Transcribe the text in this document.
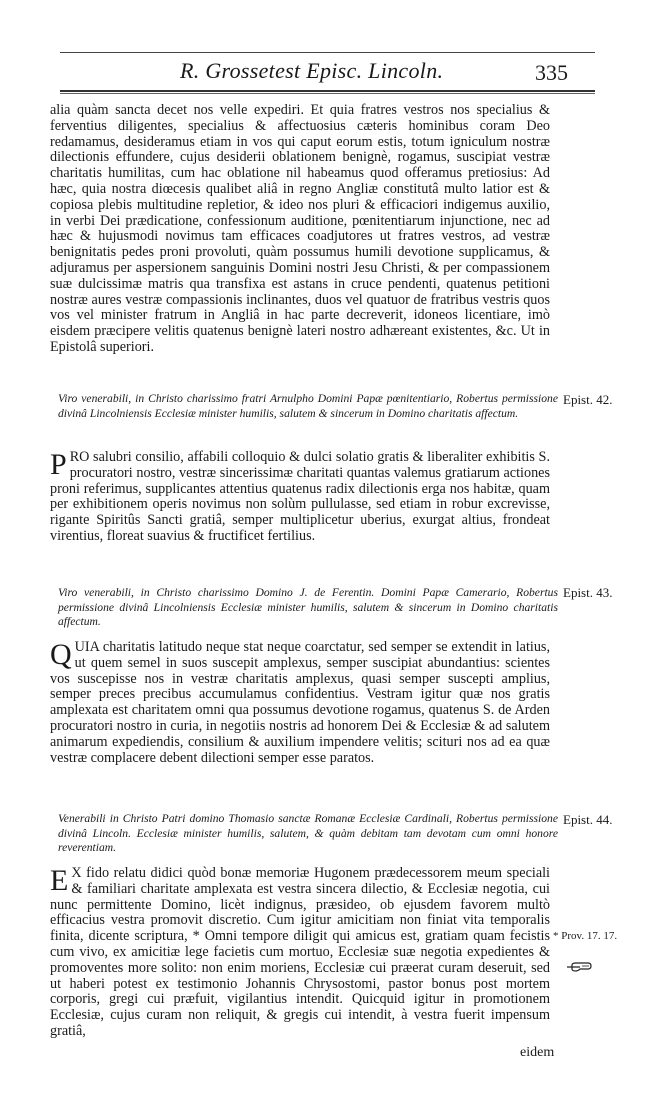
R. Grossetest Episc. Lincoln.	335
alia quàm sancta decet nos velle expediri. Et quia fratres vestros nos specialius & ferventius diligentes, specialius & affectuosius cæteris hominibus coram Deo redamamus, desideramus etiam in vos qui caput eorum estis, totum igniculum nostræ dilectionis effundere, cujus desiderii oblationem benignè, rogamus, suscipiat vestræ charitatis humilitas, cum hac oblatione nil habeamus quod offeramus pretiosius: Ad hæc, quia nostra diœcesis qualibet aliâ in regno Angliæ constitutâ multo latior est & copiosa plebis multitudine repletior, & ideo nos pluri & efficaciori indigemus auxilio, in verbi Dei prædicatione, confessionum auditione, pœnitentiarum injunctione, nec ad hæc & hujusmodi novimus tam efficaces coadjutores ut fratres vestros, ad vestræ benignitatis pedes proni provoluti, quàm possumus humili devotione supplicamus, & adjuramus per aspersionem sanguinis Domini nostri Jesu Christi, & per compassionem suæ dulcissimæ matris qua transfixa est astans in cruce pendenti, quatenus petitioni nostræ aures vestræ compassionis inclinantes, duos vel quatuor de fratribus vestris quos vos vel minister fratrum in Angliâ in hac parte decreverit, idoneos licentiare, imò eisdem præcipere velitis quatenus benignè lateri nostro adhæreant existentes, &c. Ut in Epistolâ superiori.
Epist. 42.
Viro venerabili, in Christo charissimo fratri Arnulpho Domini Papæ pœnitentiario, Robertus permissione divinâ Lincolniensis Ecclesiæ minister humilis, salutem & sincerum in Domino charitatis affectum.
PRO salubri consilio, affabili colloquio & dulci solatio gratis & liberaliter exhibitis S. procuratori nostro, vestræ sincerissimæ charitati quantas valemus gratiarum actiones proni referimus, supplicantes attentius quatenus radix dilectionis erga nos habitæ, quam per exhibitionem operis novimus non solùm pullulasse, sed etiam in robur excrevisse, rigante Spiritûs Sancti gratiâ, semper multiplicetur uberius, exurgat altius, frondeat virentius, floreat suavius & fructificet fertilius.
Epist. 43.
Viro venerabili, in Christo charissimo Domino J. de Ferentin. Domini Papæ Camerario, Robertus permissione divinâ Lincolniensis Ecclesiæ minister humilis, salutem & sincerum in Domino charitatis affectum.
QUIA charitatis latitudo neque stat neque coarctatur, sed semper se extendit in latius, ut quem semel in suos suscepit amplexus, semper suscipiat abundantius: scientes vos suscepisse nos in vestræ charitatis amplexus, quasi semper suscepti amplius, semper preces precibus accumulamus confidentius. Vestram igitur quæ nos gratis amplexata est charitatem omni qua possumus devotione rogamus, quatenus S. de Arden procuratori nostro in curia, in negotiis nostris ad honorem Dei & Ecclesiæ & ad salutem animarum expediendis, consilium & auxilium impendere velitis; scituri nos ad ea quæ vestræ complacere debent dilectioni semper esse paratos.
Epist. 44.
Venerabili in Christo Patri domino Thomasio sanctæ Romanæ Ecclesiæ Cardinali, Robertus permissione divinâ Lincoln. Ecclesiæ minister humilis, salutem, & quàm debitam tam devotam cum omni honore reverentiam.
E X fido relatu didici quòd bonæ memoriæ Hugonem prædecessorem meum speciali & familiari charitate amplexata est vestra sincera dilectio, & Ecclesiæ negotia, cui nunc permittente Domino, licèt indignus, præsideo, ob ejusdem favorem multò efficacius vestra promovit discretio. Cum igitur amicitiam non finiat vita temporalis finita, dicente scriptura, * Omni tempore diligit qui amicus est, gratiam quam fecistis cum vivo, ex amicitiæ lege facietis cum mortuo, Ecclesiæ suæ negotia expedientes & promoventes more solito: non enim moriens, Ecclesiæ cui præerat curam deseruit, sed ut haberi potest ex testimonio Johannis Chrysostomi, pastor bonus post mortem corporis, gregi cui præfuit, vigilantius intendit. Quicquid igitur in promotionem Ecclesiæ, cujus curam non reliquit, & gregis cui intendit, à vestra fuerit impensum gratiâ,
* Prov. 17. 17.
eidem
